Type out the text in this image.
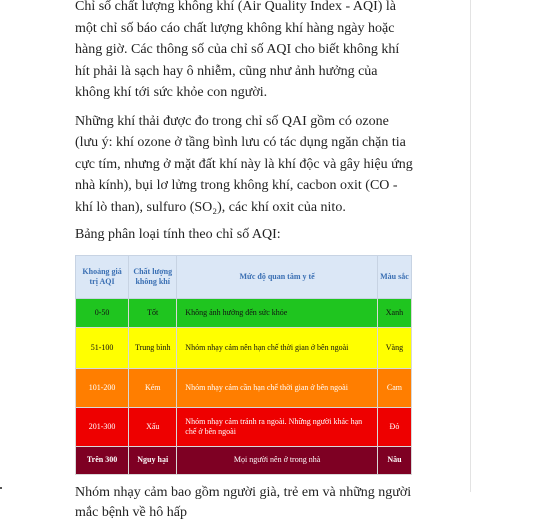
Chỉ số chất lượng không khí (Air Quality Index - AQI) là một chỉ số báo cáo chất lượng không khí hàng ngày hoặc hàng giờ. Các thông số của chỉ số AQI cho biết không khí hít phải là sạch hay ô nhiễm, cũng như ảnh hưởng của không khí tới sức khỏe con người.

Những khí thải được đo trong chỉ số QAI gồm có ozone (lưu ý: khí ozone ở tầng bình lưu có tác dụng ngăn chặn tia cực tím, nhưng ở mặt đất khí này là khí độc và gây hiệu ứng nhà kính), bụi lơ lửng trong không khí, cacbon oxit (CO - khí lò than), sulfuro (SO₂), các khí oxit của nito.

Bảng phân loại tính theo chỉ số AQI:

Khoảng giá trị AQI	Chất lượng không khí	Mức độ quan tâm y tế	Màu sắc
0-50	Tốt	Không ảnh hưởng đến sức khỏe	Xanh
51-100	Trung bình	Nhóm nhạy cảm nên hạn chế thời gian ở bên ngoài	Vàng
101-200	Kém	Nhóm nhạy cảm cần hạn chế thời gian ở bên ngoài	Cam
201-300	Xấu	Nhóm nhạy cảm tránh ra ngoài. Những người khác hạn chế ở bên ngoài	Đỏ
Trên 300	Nguy hại	Mọi người nên ở trong nhà	Nâu

Nhóm nhạy cảm bao gồm người già, trẻ em và những người mắc bệnh về hô hấp
